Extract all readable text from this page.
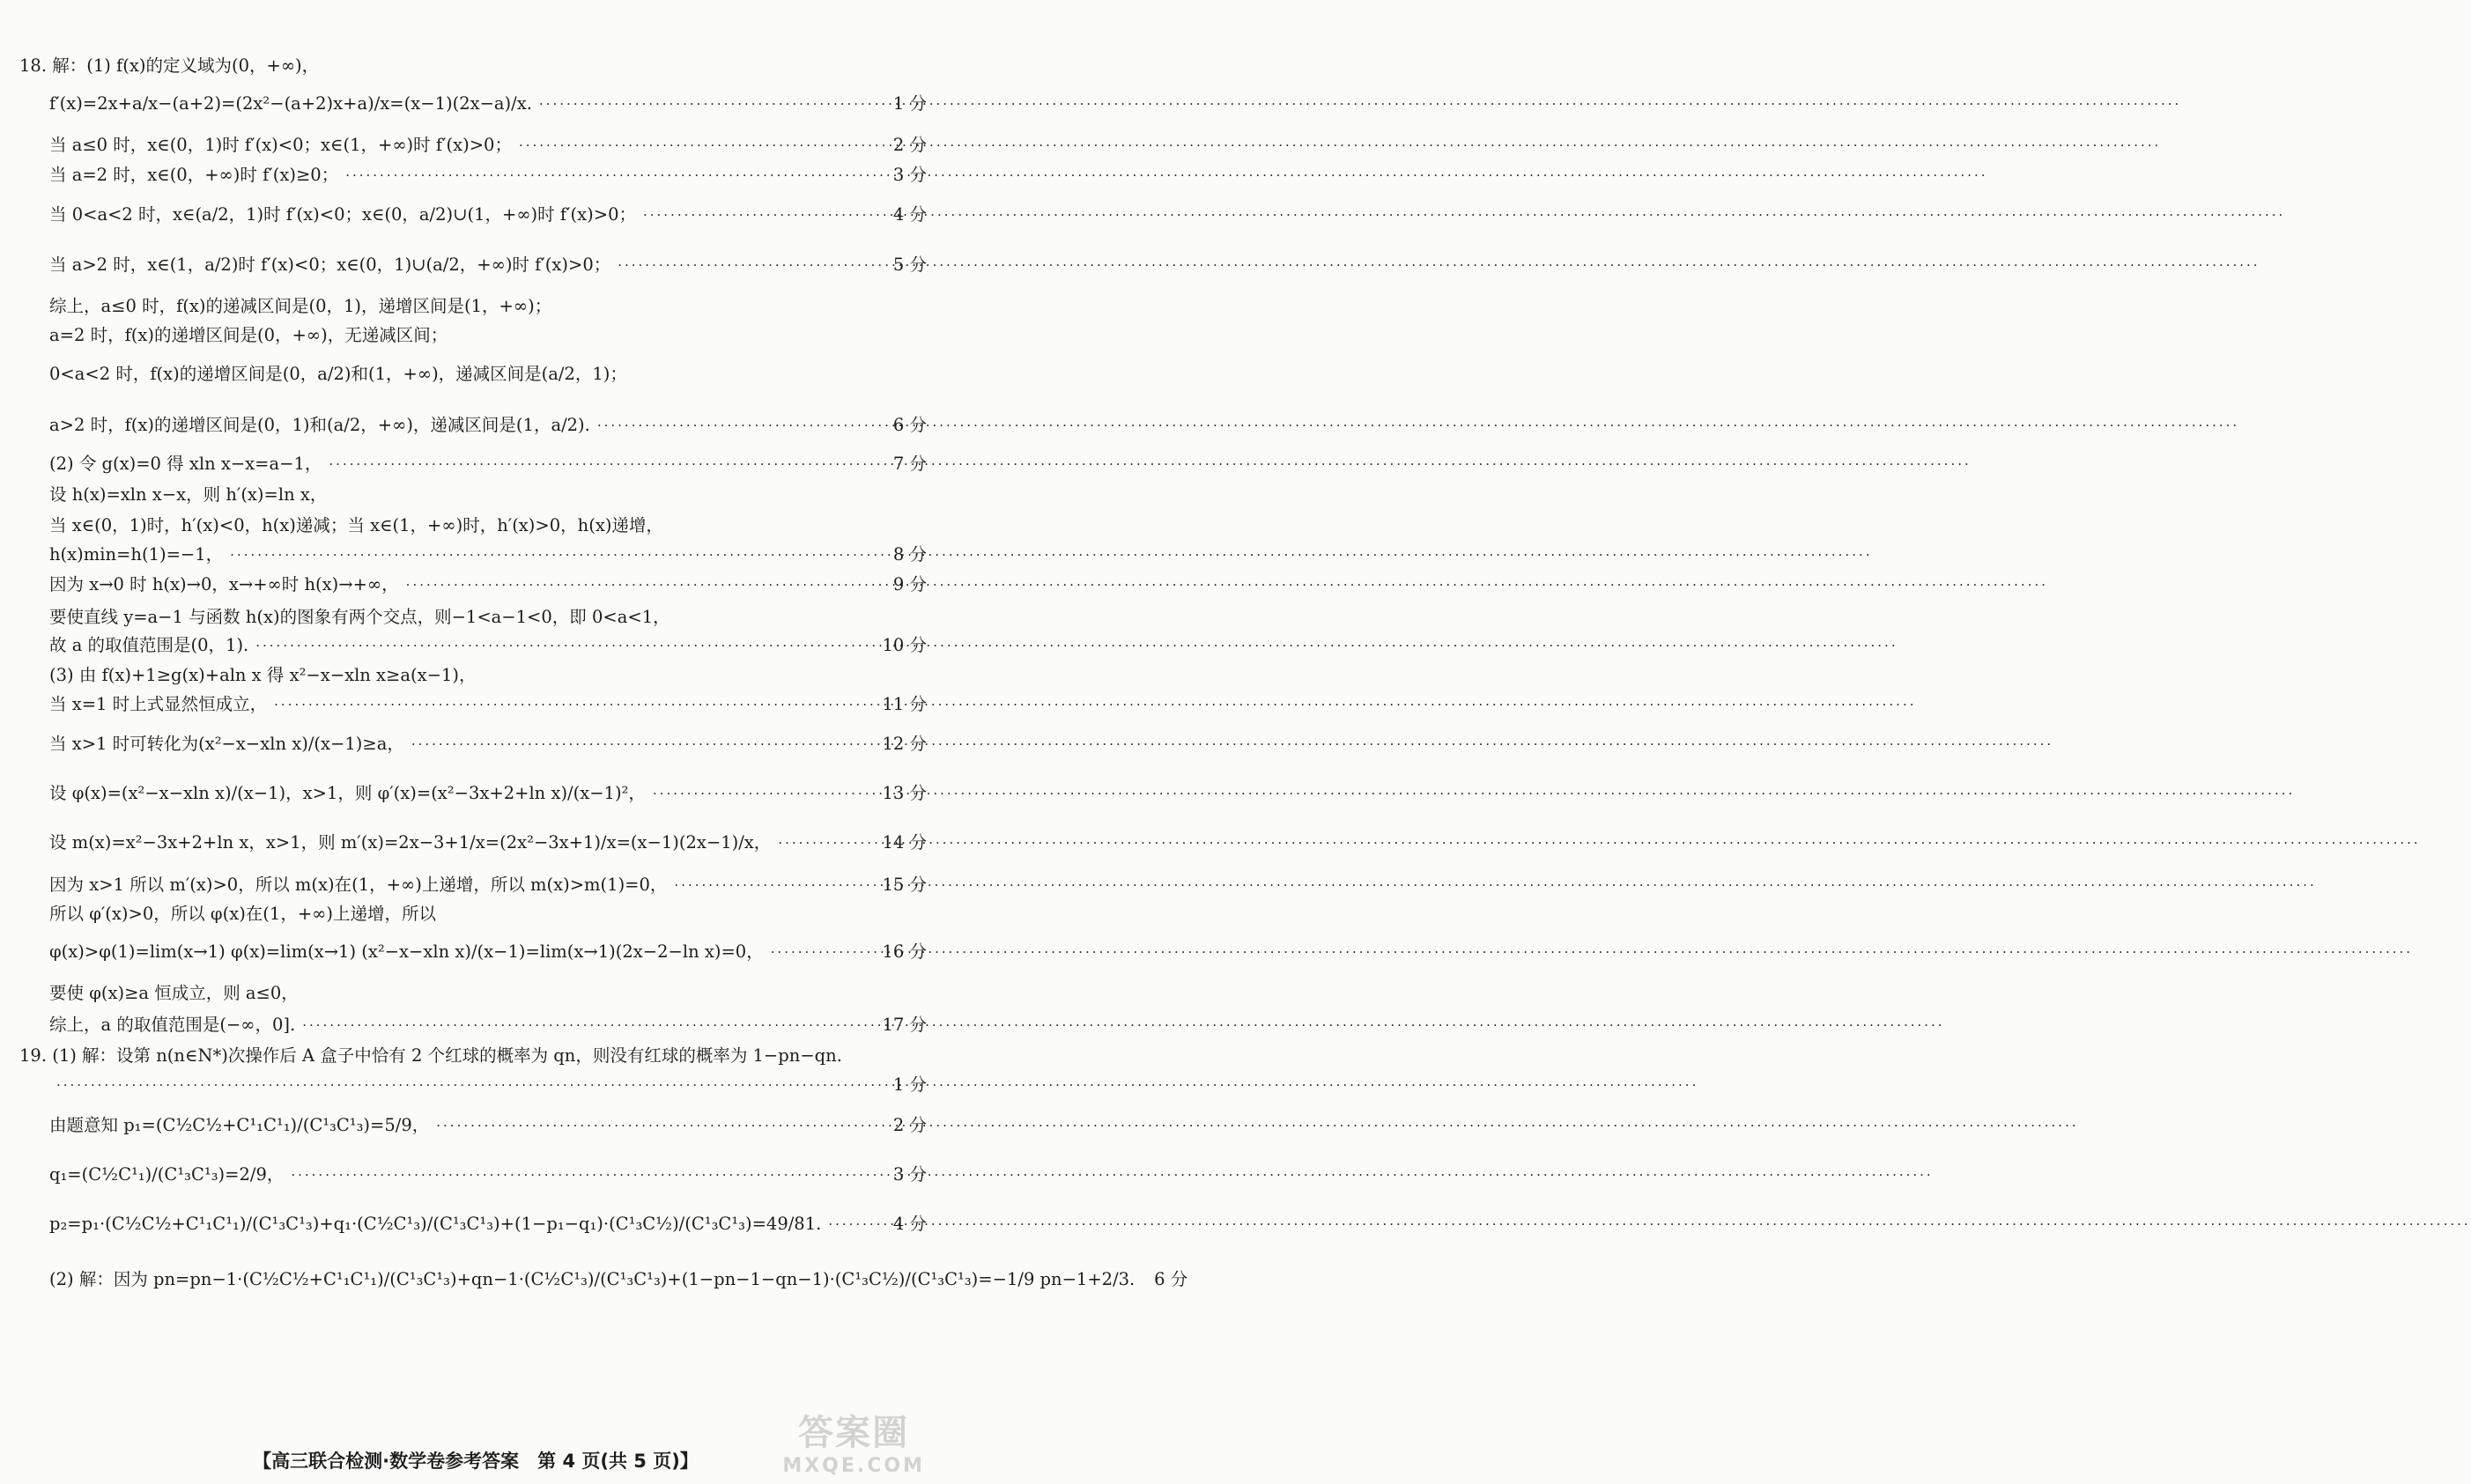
18. 解：(1) f(x)的定义域为(0，+∞)，
f′(x)=2x+a/x−(a+2)=(2x²−(a+2)x+a)/x=(x−1)(2x−a)/x. ·····	1 分
当 a≤0 时，x∈(0，1)时 f′(x)<0；x∈(1，+∞)时 f′(x)>0； ·····	2 分
当 a=2 时，x∈(0，+∞)时 f′(x)≥0； ·····	3 分
当 0<a<2 时，x∈(a/2，1)时 f′(x)<0；x∈(0，a/2)∪(1，+∞)时 f′(x)>0； ·····	4 分
当 a>2 时，x∈(1，a/2)时 f′(x)<0；x∈(0，1)∪(a/2，+∞)时 f′(x)>0； ·····	5 分
综上，a≤0 时，f(x)的递减区间是(0，1)，递增区间是(1，+∞)；
a=2 时，f(x)的递增区间是(0，+∞)，无递减区间；
0<a<2 时，f(x)的递增区间是(0，a/2)和(1，+∞)，递减区间是(a/2，1)；
a>2 时，f(x)的递增区间是(0，1)和(a/2，+∞)，递减区间是(1，a/2). ·····	6 分
(2) 令 g(x)=0 得 xln x−x=a−1， ·····	7 分
设 h(x)=xln x−x，则 h′(x)=ln x，
当 x∈(0，1)时，h′(x)<0，h(x)递减；当 x∈(1，+∞)时，h′(x)>0，h(x)递增，
h(x)min=h(1)=−1， ·····	8 分
因为 x→0 时 h(x)→0，x→+∞时 h(x)→+∞， ·····	9 分
要使直线 y=a−1 与函数 h(x)的图象有两个交点，则−1<a−1<0，即 0<a<1，
故 a 的取值范围是(0，1). ·····	10 分
(3) 由 f(x)+1≥g(x)+aln x 得 x²−x−xln x≥a(x−1)，
当 x=1 时上式显然恒成立， ·····	11 分
当 x>1 时可转化为(x²−x−xln x)/(x−1)≥a， ·····	12 分
设 φ(x)=(x²−x−xln x)/(x−1)，x>1，则 φ′(x)=(x²−3x+2+ln x)/(x−1)²， ·····	13 分
设 m(x)=x²−3x+2+ln x，x>1，则 m′(x)=2x−3+1/x=(2x²−3x+1)/x=(x−1)(2x−1)/x， ·····	14 分
因为 x>1 所以 m′(x)>0，所以 m(x)在(1，+∞)上递增，所以 m(x)>m(1)=0， ·····	15 分
所以 φ′(x)>0，所以 φ(x)在(1，+∞)上递增，所以
φ(x)>φ(1)=lim(x→1) φ(x)=lim(x→1) (x²−x−xln x)/(x−1)=lim(x→1)(2x−2−ln x)=0， ·····	16 分
要使 φ(x)≥a 恒成立，则 a≤0，
综上，a 的取值范围是(−∞，0]. ·····	17 分
19. (1) 解：设第 n(n∈N*)次操作后 A 盒子中恰有 2 个红球的概率为 qn，则没有红球的概率为 1−pn−qn.
·····
1 分
由题意知 p₁=(C½C½+C¹₁C¹₁)/(C¹₃C¹₃)=5/9， ·····	2 分
q₁=(C½C¹₁)/(C¹₃C¹₃)=2/9， ·····	3 分
p₂=p₁·(C½C½+C¹₁C¹₁)/(C¹₃C¹₃)+q₁·(C½C¹₃)/(C¹₃C¹₃)+(1−p₁−q₁)·(C¹₃C½)/(C¹₃C¹₃)=49/81. ·····	4 分
(2) 解：因为 pn=pn−1·(C½C½+C¹₁C¹₁)/(C¹₃C¹₃)+qn−1·(C½C¹₃)/(C¹₃C¹₃)+(1−pn−1−qn−1)·(C¹₃C½)/(C¹₃C¹₃)=−1/9 pn−1+2/3.	6 分
【高三联合检测·数学卷参考答案　第 4 页(共 5 页)】
答案圈
MXQE.COM
